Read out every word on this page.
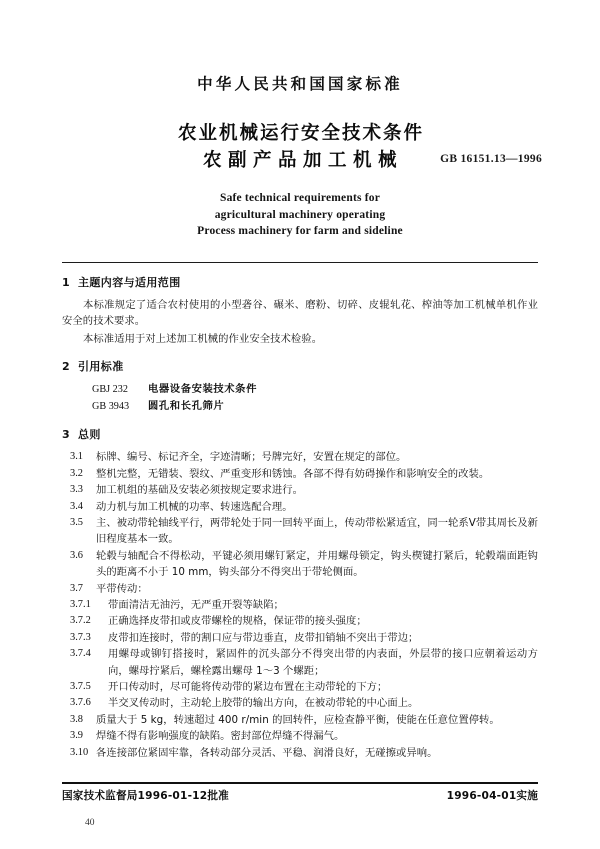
中华人民共和国国家标准
农业机械运行安全技术条件
农副产品加工机械	GB 16151.13—1996
Safe technical requirements for
agricultural machinery operating
Process machinery for farm and sideline
1 主题内容与适用范围

本标准规定了适合农村使用的小型砻谷、碾米、磨粉、切碎、皮辊轧花、榨油等加工机械单机作业安全的技术要求。

本标准适用于对上述加工机械的作业安全技术检验。

2 引用标准
GBJ 232 电器设备安装技术条件
GB 3943 圆孔和长孔筛片
3 总则
3.1	标牌、编号、标记齐全，字迹清晰；号牌完好，安置在规定的部位。
3.2	整机完整，无错装、裂纹、严重变形和锈蚀。各部不得有妨碍操作和影响安全的改装。
3.3	加工机组的基础及安装必须按规定要求进行。
3.4	动力机与加工机械的功率、转速选配合理。
3.5	主、被动带轮轴线平行，两带轮处于同一回转平面上，传动带松紧适宜，同一轮系Ⅴ带其周长及新旧程度基本一致。
3.6	轮毂与轴配合不得松动，平键必须用螺钉紧定，并用螺母锁定，钩头楔键打紧后，轮毂端面距钩头的距离不小于 10 mm，钩头部分不得突出于带轮侧面。
3.7	平带传动：
3.7.1	带面清洁无油污，无严重开裂等缺陷；
3.7.2	正确选择皮带扣或皮带螺栓的规格，保证带的接头强度；
3.7.3	皮带扣连接时，带的割口应与带边垂直，皮带扣销轴不突出于带边；
3.7.4	用螺母或铆钉搭接时，紧固件的沉头部分不得突出带的内表面，外层带的接口应朝着运动方向，螺母拧紧后，螺栓露出螺母 1～3 个螺距；
3.7.5	开口传动时，尽可能将传动带的紧边布置在主动带轮的下方；
3.7.6	半交叉传动时，主动轮上胶带的输出方向，在被动带轮的中心面上。
3.8	质量大于 5 kg，转速超过 400 r/min 的回转件，应检查静平衡，使能在任意位置停转。
3.9	焊缝不得有影响强度的缺陷。密封部位焊缝不得漏气。
3.10 各连接部位紧固牢靠，各转动部分灵活、平稳、润滑良好，无碰擦或异响。
国家技术监督局1996-01-12批准	1996-04-01实施
40
